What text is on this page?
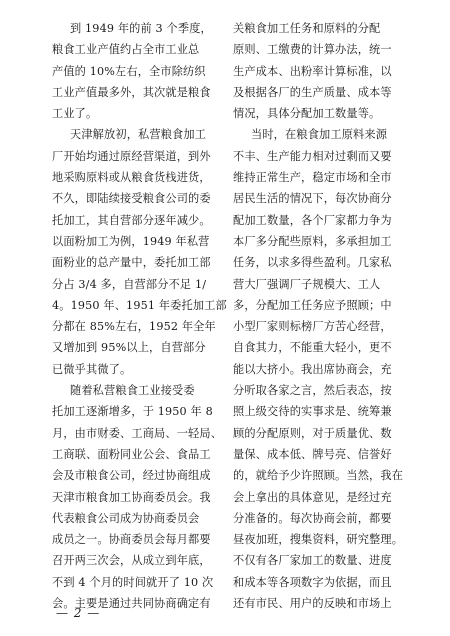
到 1949 年的前 3 个季度，
粮食工业产值约占全市工业总
产值的 10%左右，全市除纺织
工业产值最多外，其次就是粮食
工业了。
天津解放初，私营粮食加工
厂开始均通过原经营渠道，到外
地采购原料或从粮食货栈进货，
不久，即陆续接受粮食公司的委
托加工，其自营部分逐年减少。
以面粉加工为例，1949 年私营
面粉业的总产量中，委托加工部
分占 3/4 多，自营部分不足 1/
4。1950 年、1951 年委托加工部
分都在 85%左右，1952 年全年
又增加到 95%以上，自营部分
已微乎其微了。
随着私营粮食工业接受委
托加工逐渐增多，于 1950 年 8
月，由市财委、工商局、一轻局、
工商联、面粉同业公会、食品工
会及市粮食公司，经过协商组成
天津市粮食加工协商委员会。我
代表粮食公司成为协商委员会
成员之一。协商委员会每月都要
召开两三次会，从成立到年底，
不到 4 个月的时间就开了 10 次
会。主要是通过共同协商确定有
关粮食加工任务和原料的分配
原则、工缴费的计算办法，统一
生产成本、出粉率计算标准，以
及根据各厂的生产质量、成本等
情况，具体分配加工数量等。
当时，在粮食加工原料来源
不丰、生产能力相对过剩而又要
维持正常生产，稳定市场和全市
居民生活的情况下，每次协商分
配加工数量，各个厂家都力争为
本厂多分配些原料，多承担加工
任务，以求多得些盈利。几家私
营大厂强调厂子规模大、工人
多，分配加工任务应予照顾；中
小型厂家则标榜厂方苦心经营，
自食其力，不能重大轻小，更不
能以大挤小。我出席协商会，充
分听取各家之言，然后表态，按
照上级交待的实事求是、统筹兼
顾的分配原则，对于质量优、数
量保、成本低、牌号亮、信誉好
的，就给予少许照顾。当然，我在
会上拿出的具体意见，是经过充
分准备的。每次协商会前，都要
昼夜加班，搜集资料，研究整理。
不仅有各厂家加工的数量、进度
和成本等各项数字为依据，而且
还有市民、用户的反映和市场上
— 2 —
